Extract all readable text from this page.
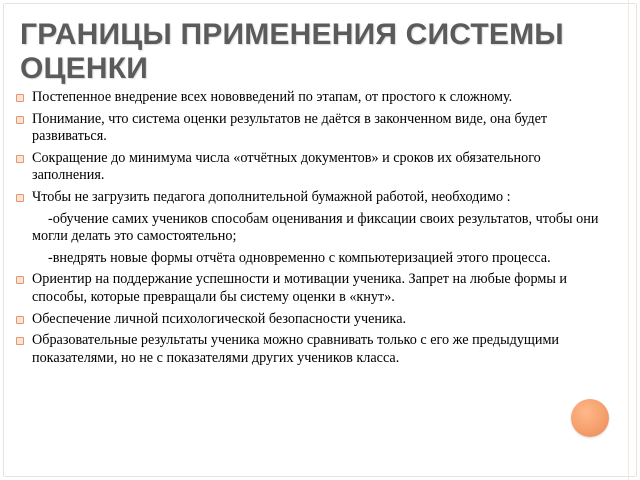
ГРАНИЦЫ ПРИМЕНЕНИЯ СИСТЕМЫ ОЦЕНКИ
Постепенное внедрение всех нововведений по этапам, от простого к сложному.
Понимание, что система оценки результатов не даётся в законченном виде, она будет развиваться.
Сокращение до минимума числа «отчётных документов» и сроков их обязательного заполнения.
Чтобы не загрузить педагога дополнительной бумажной работой, необходимо :
-обучение самих учеников способам оценивания и фиксации своих результатов, чтобы они могли делать это самостоятельно;
-внедрять новые формы отчёта одновременно с компьютеризацией этого процесса.
Ориентир на поддержание успешности и мотивации ученика. Запрет на любые формы и способы, которые превращали бы систему оценки в «кнут».
Обеспечение личной психологической безопасности ученика.
Образовательные результаты ученика можно сравнивать только с его же предыдущими показателями, но не с показателями других учеников класса.
